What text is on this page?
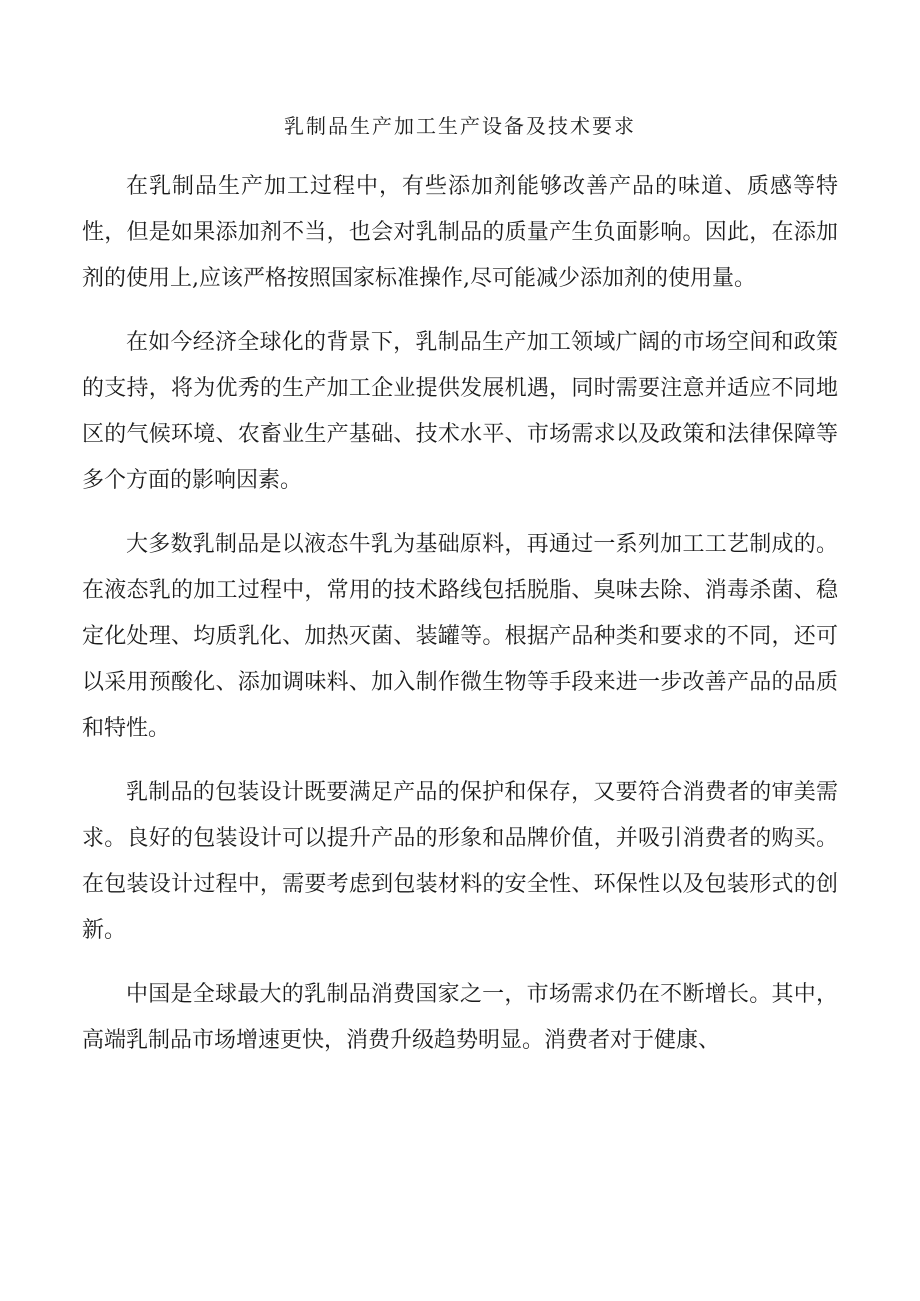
乳制品生产加工生产设备及技术要求

在乳制品生产加工过程中，有些添加剂能够改善产品的味道、质感等特性，但是如果添加剂不当，也会对乳制品的质量产生负面影响。因此，在添加剂的使用上,应该严格按照国家标准操作,尽可能减少添加剂的使用量。

在如今经济全球化的背景下，乳制品生产加工领域广阔的市场空间和政策的支持，将为优秀的生产加工企业提供发展机遇，同时需要注意并适应不同地区的气候环境、农畜业生产基础、技术水平、市场需求以及政策和法律保障等多个方面的影响因素。

大多数乳制品是以液态牛乳为基础原料，再通过一系列加工工艺制成的。在液态乳的加工过程中，常用的技术路线包括脱脂、臭味去除、消毒杀菌、稳定化处理、均质乳化、加热灭菌、装罐等。根据产品种类和要求的不同，还可以采用预酸化、添加调味料、加入制作微生物等手段来进一步改善产品的品质和特性。

乳制品的包装设计既要满足产品的保护和保存，又要符合消费者的审美需求。良好的包装设计可以提升产品的形象和品牌价值，并吸引消费者的购买。在包装设计过程中，需要考虑到包装材料的安全性、环保性以及包装形式的创新。

中国是全球最大的乳制品消费国家之一，市场需求仍在不断增长。其中，高端乳制品市场增速更快，消费升级趋势明显。消费者对于健康、
